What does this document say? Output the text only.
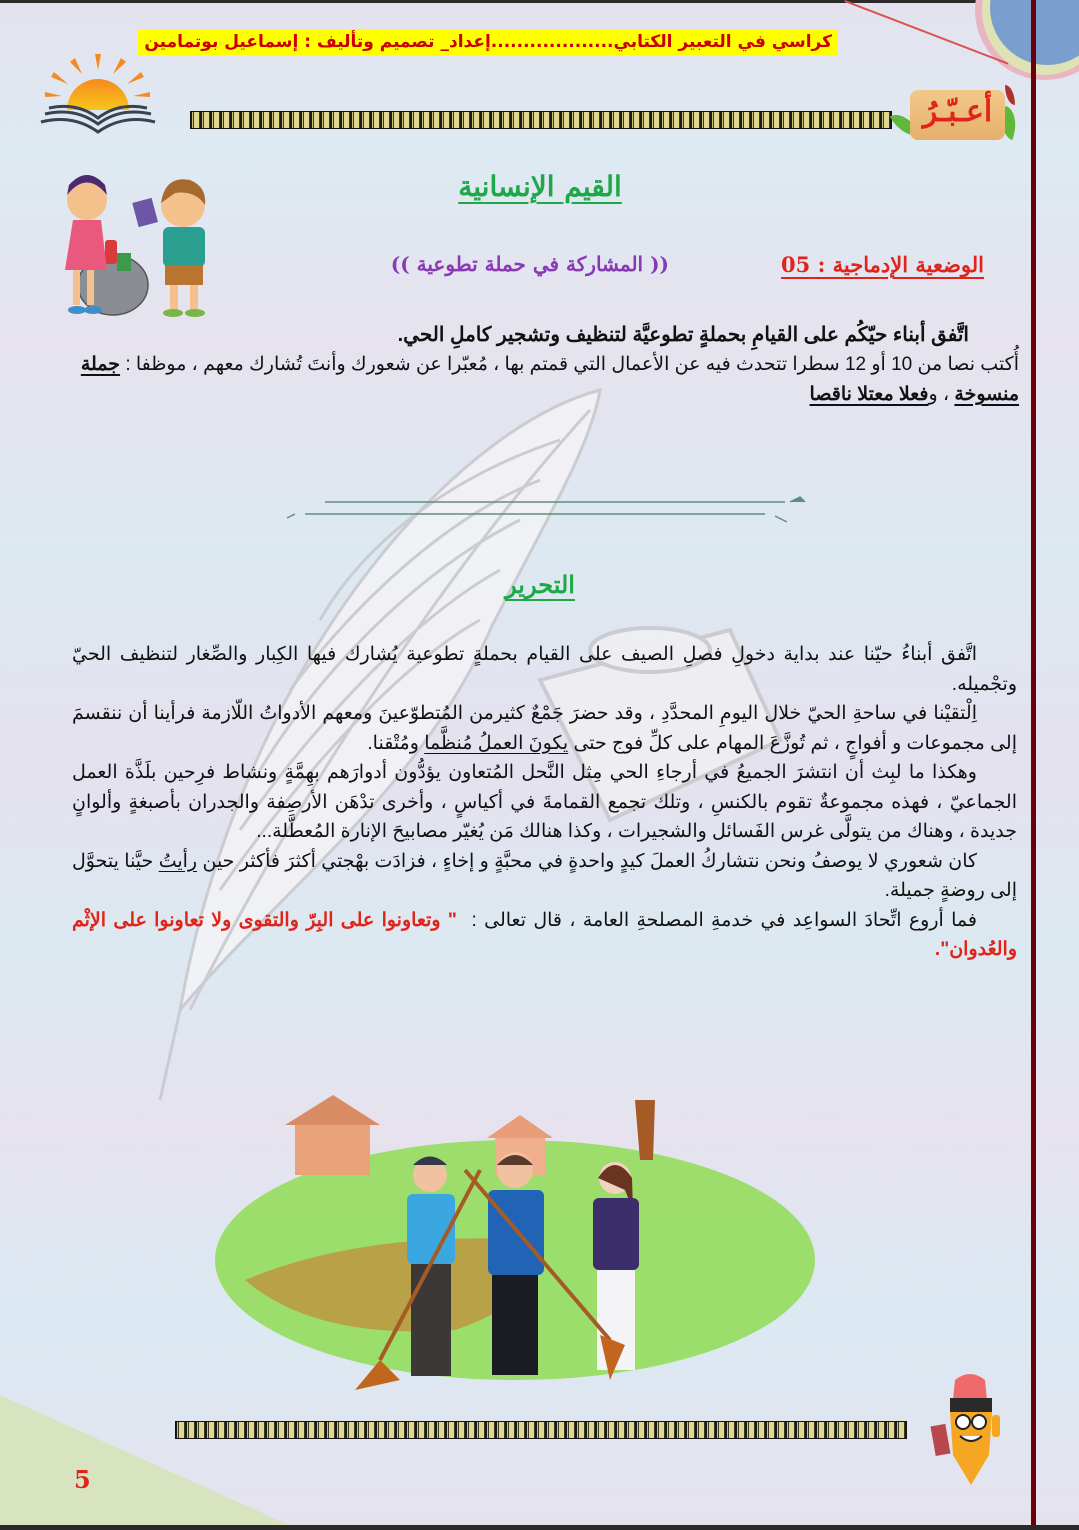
كراسي في التعبير الكتابي...................إعداد_ تصميم وتأليف : إسماعيل بوتمامين
أعـبّـرُ
القيم الإنسانية
الوضعية الإدماجية : 05
(( المشاركة في حملة تطوعية ))
اتَّفق أبناء حيّكُم على القيامِ بحملةٍ تطوعيَّة لتنظيف وتشجير كاملِ الحي.
أُكتب نصا من 10 أو 12 سطرا تتحدث فيه عن الأعمال التي قمتم بها ، مُعبّرا عن شعورك وأنتَ تُشارك معهم ، موظفا : جملة منسوخة ، وفعلا معتلا ناقصا
التحرير

اتَّفق أبناءُ حيّنا عند بداية دخولِ فصلِ الصيف على القيام بحملةٍ تطوعية يُشارك فيها الكِبار والصِّغار لتنظيف الحيّ وتجْميله.

اِلْتقيْنا في ساحةِ الحيّ خلال اليومِ المحدَّدِ ، وقد حضرَ جَمْعٌ كثيرمن المُتطوّعينَ ومعهم الأدواتُ اللّازمة فرأينا أن ننقسمَ إلى مجموعات و أفواجٍ ، ثم تُوزَّعَ المهام على كلِّ فوج حتى يكونَ العملُ مُنظَّما ومُتْقنا.

وهكذا ما لبِث أن انتشرَ الجميعُ في أرجاءِ الحي مِثل النَّحل المُتعاون يؤدُّون أدوارَهم بهِمَّةٍ ونشاط فرِحين بلَذَّة العمل الجماعيّ ، فهذه مجموعةٌ تقوم بالكنسِ ، وتلك تجمع القمامةَ في أكياسٍ ، وأخرى تدْهَن الأرصِفة والجدران بأصبغةٍ وألوانٍ جديدة ، وهناك من يتولَّى غرس الفَسائل والشجيرات ، وكذا هنالك مَن يُغيّر مصابيحَ الإنارة المُعطَّلة...

كان شعوري لا يوصفُ ونحن نتشاركُ العملَ كيدٍ واحدةٍ في محبَّةٍ و إخاءٍ ، فزادَت بهْجتي أكثرَ فأكثر حين رأيتُ حيَّنا يتحوَّل إلى روضةٍ جميلة.

فما أروع اتِّحادَ السواعِد في خدمةِ المصلحةِ العامة ، قال تعالى :  " وتعاونوا على البِرّ والتقوى ولا تعاونوا على الإثْم والعُدوان".

5
